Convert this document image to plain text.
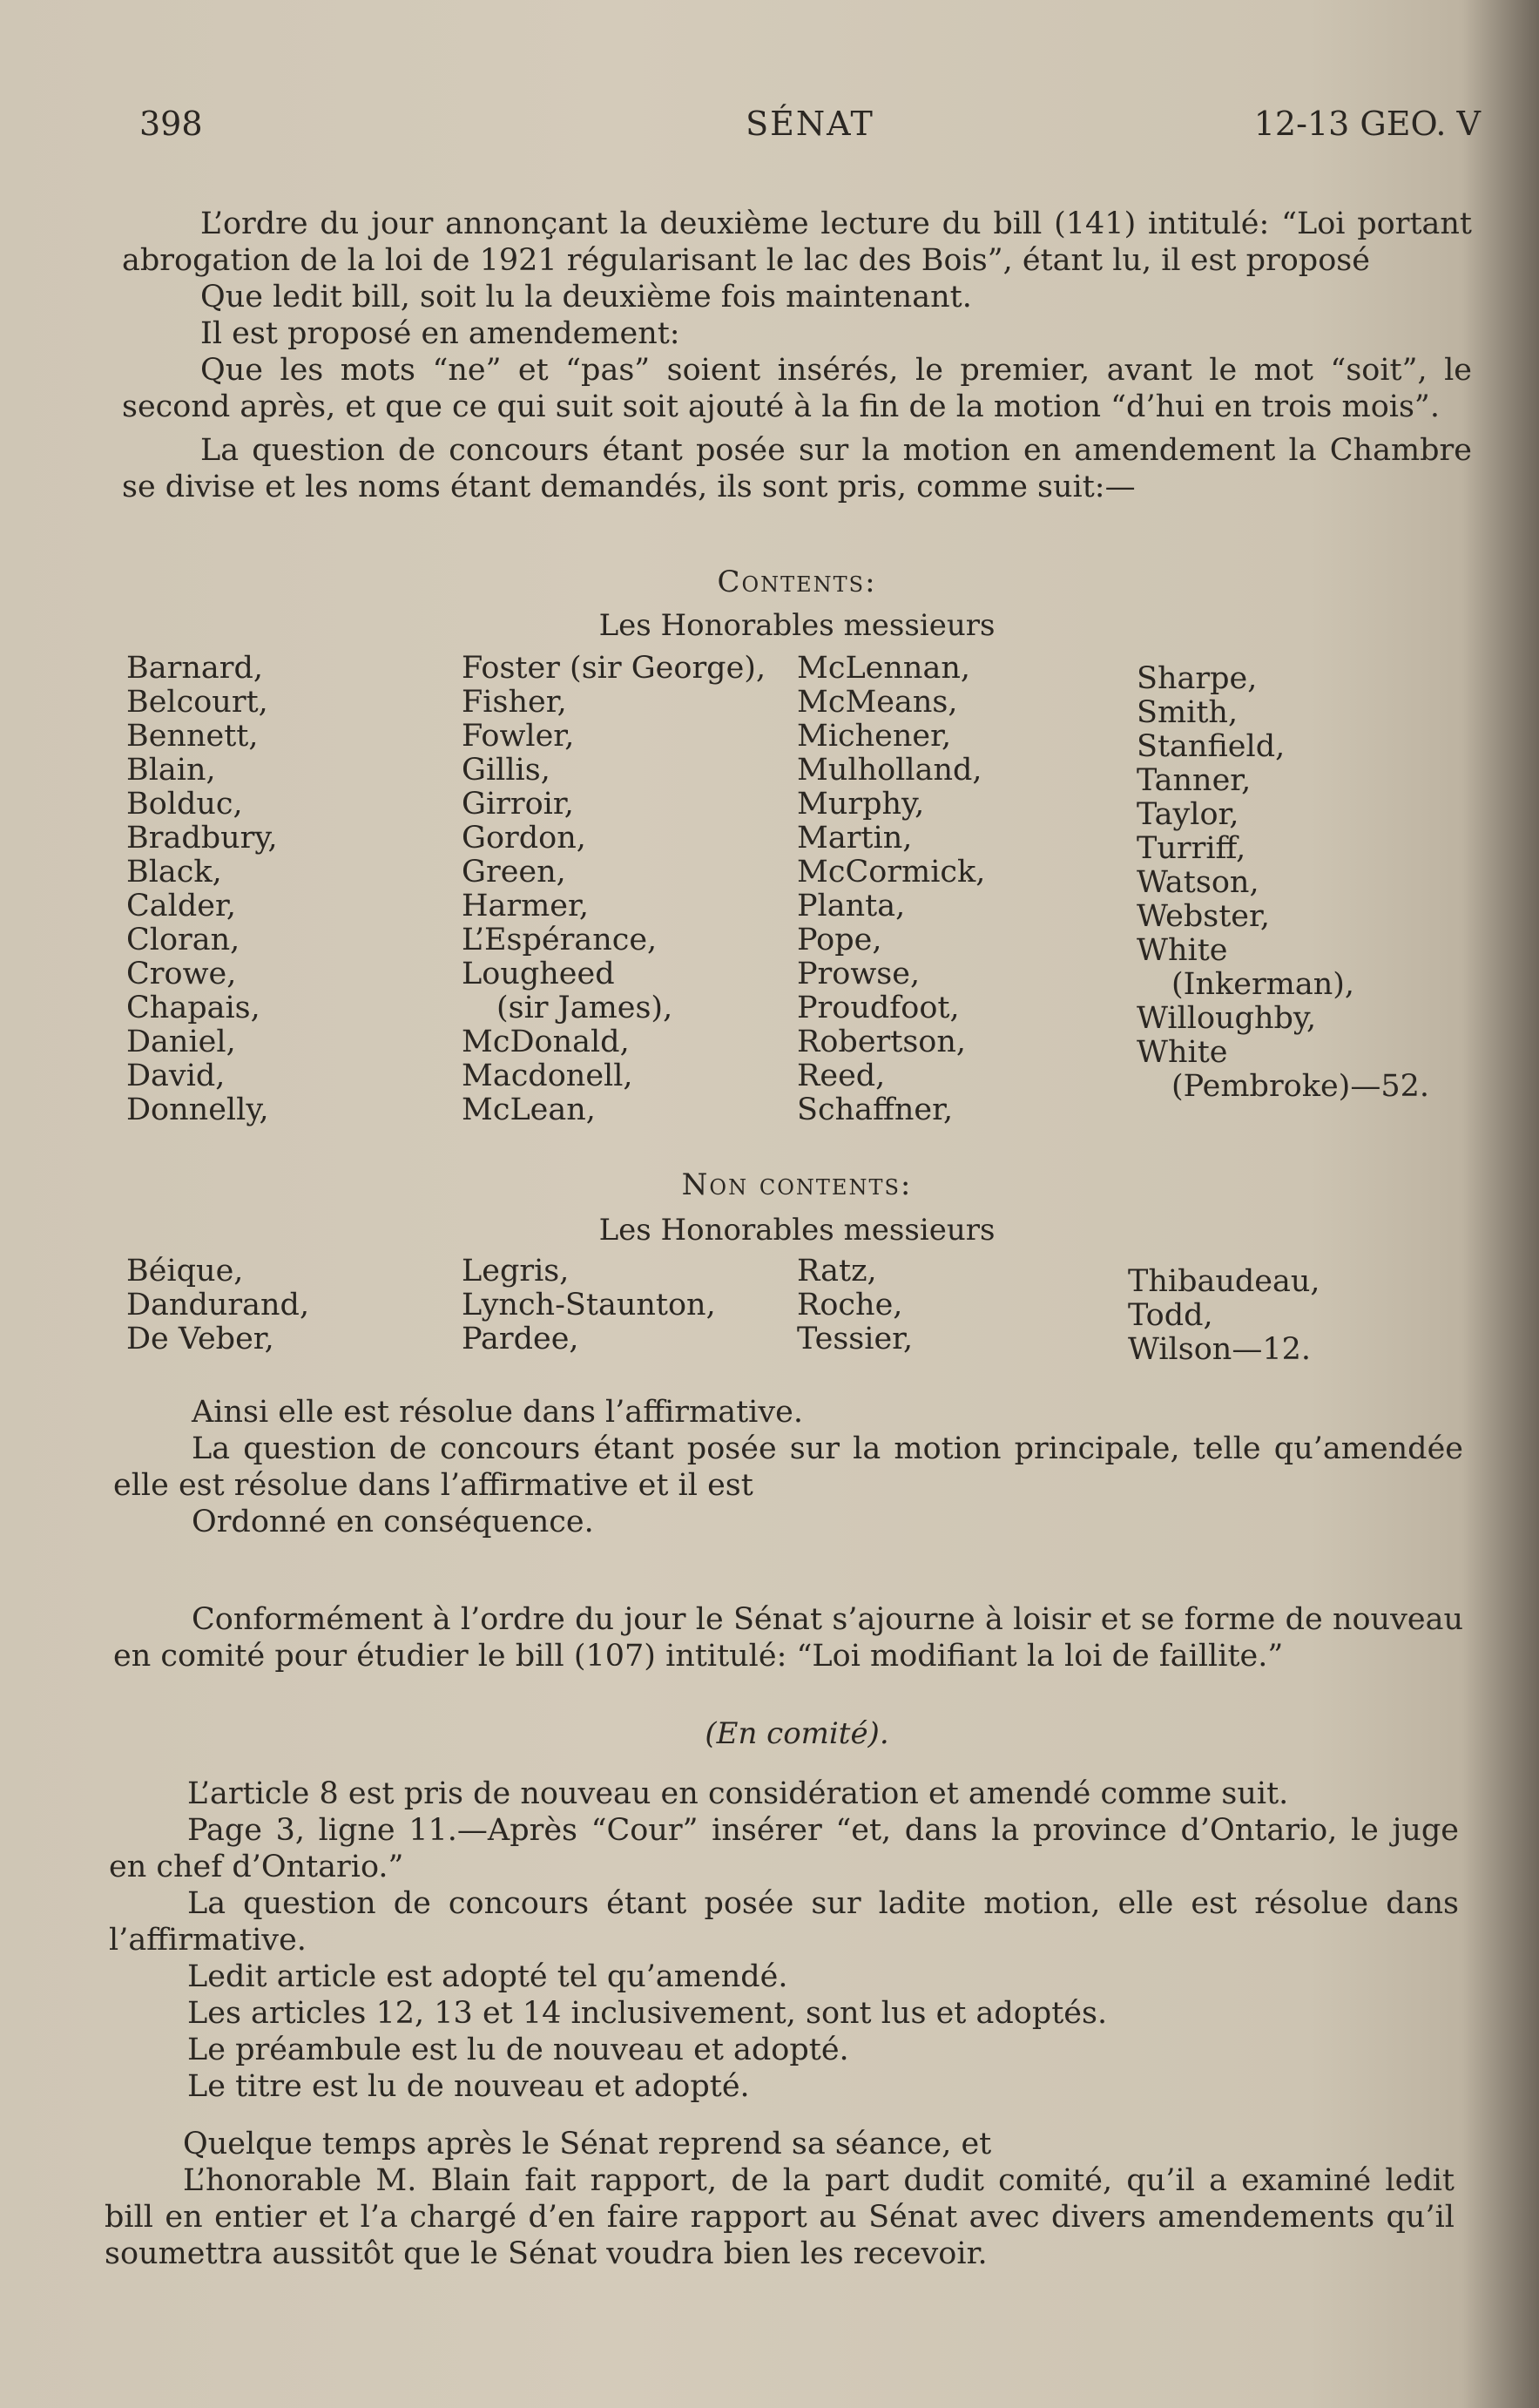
398	SÉNAT	12-13 GEO. V

L’ordre du jour annonçant la deuxième lecture du bill (141) intitulé: “Loi portant abrogation de la loi de 1921 régularisant le lac des Bois”, étant lu, il est proposé

Que ledit bill, soit lu la deuxième fois maintenant.

Il est proposé en amendement:

Que les mots “ne” et “pas” soient insérés, le premier, avant le mot “soit”, le second après, et que ce qui suit soit ajouté à la fin de la motion “d’hui en trois mois”.

La question de concours étant posée sur la motion en amendement la Chambre se divise et les noms étant demandés, ils sont pris, comme suit:—

Contents:
Les Honorables messieurs
Barnard,
Belcourt,
Bennett,
Blain,
Bolduc,
Bradbury,
Black,
Calder,
Cloran,
Crowe,
Chapais,
Daniel,
David,
Donnelly,
Foster (sir George),
Fisher,
Fowler,
Gillis,
Girroir,
Gordon,
Green,
Harmer,
L’Espérance,
Lougheed
(sir James),
McDonald,
Macdonell,
McLean,
McLennan,
McMeans,
Michener,
Mulholland,
Murphy,
Martin,
McCormick,
Planta,
Pope,
Prowse,
Proudfoot,
Robertson,
Reed,
Schaffner,
Sharpe,
Smith,
Stanfield,
Tanner,
Taylor,
Turriff,
Watson,
Webster,
White
(Inkerman),
Willoughby,
White
(Pembroke)—52.
Non contents:
Les Honorables messieurs
Béique,
Dandurand,
De Veber,
Legris,
Lynch-Staunton,
Pardee,
Ratz,
Roche,
Tessier,
Thibaudeau,
Todd,
Wilson—12.

Ainsi elle est résolue dans l’affirmative.

La question de concours étant posée sur la motion principale, telle qu’amendée elle est résolue dans l’affirmative et il est

Ordonné en conséquence.

Conformément à l’ordre du jour le Sénat s’ajourne à loisir et se forme de nouveau en comité pour étudier le bill (107) intitulé: “Loi modifiant la loi de faillite.”

(En comité).

L’article 8 est pris de nouveau en considération et amendé comme suit.

Page 3, ligne 11.—Après “Cour” insérer “et, dans la province d’Ontario, le juge en chef d’Ontario.”

La question de concours étant posée sur ladite motion, elle est résolue dans l’affirmative.

Ledit article est adopté tel qu’amendé.

Les articles 12, 13 et 14 inclusivement, sont lus et adoptés.

Le préambule est lu de nouveau et adopté.

Le titre est lu de nouveau et adopté.

Quelque temps après le Sénat reprend sa séance, et

L’honorable M. Blain fait rapport, de la part dudit comité, qu’il a examiné ledit bill en entier et l’a chargé d’en faire rapport au Sénat avec divers amendements qu’il soumettra aussitôt que le Sénat voudra bien les recevoir.
